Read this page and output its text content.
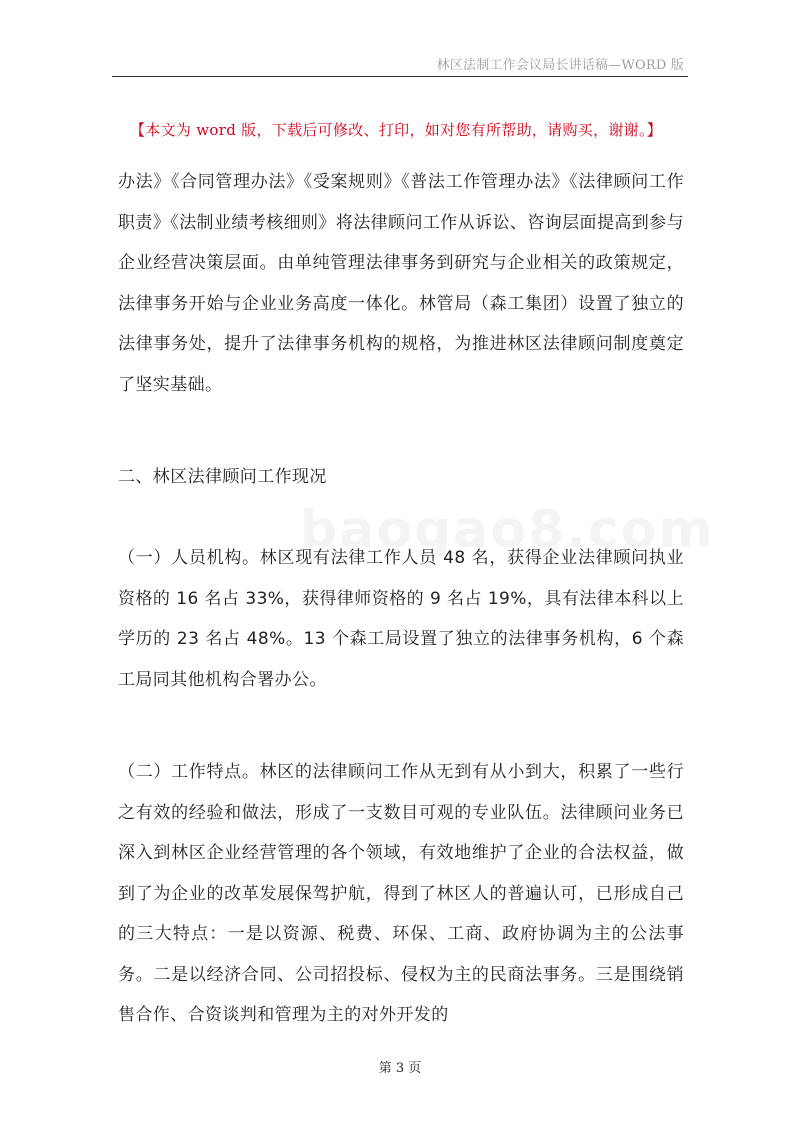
林区法制工作会议局长讲话稿—WORD 版
【本文为 word 版，下载后可修改、打印，如对您有所帮助，请购买，谢谢。】

办法》《合同管理办法》《受案规则》《普法工作管理办法》《法律顾问工作职责》《法制业绩考核细则》将法律顾问工作从诉讼、咨询层面提高到参与企业经营决策层面。由单纯管理法律事务到研究与企业相关的政策规定，法律事务开始与企业业务高度一体化。林管局（森工集团）设置了独立的法律事务处，提升了法律事务机构的规格，为推进林区法律顾问制度奠定了坚实基础。

二、林区法律顾问工作现况

（一）人员机构。林区现有法律工作人员 48 名，获得企业法律顾问执业资格的 16 名占 33%，获得律师资格的 9 名占 19%，具有法律本科以上学历的 23 名占 48%。13 个森工局设置了独立的法律事务机构，6 个森工局同其他机构合署办公。

（二）工作特点。林区的法律顾问工作从无到有从小到大，积累了一些行之有效的经验和做法，形成了一支数目可观的专业队伍。法律顾问业务已深入到林区企业经营管理的各个领域，有效地维护了企业的合法权益，做到了为企业的改革发展保驾护航，得到了林区人的普遍认可，已形成自己的三大特点：一是以资源、税费、环保、工商、政府协调为主的公法事务。二是以经济合同、公司招投标、侵权为主的民商法事务。三是围绕销售合作、合资谈判和管理为主的对外开发的

第 3 页
